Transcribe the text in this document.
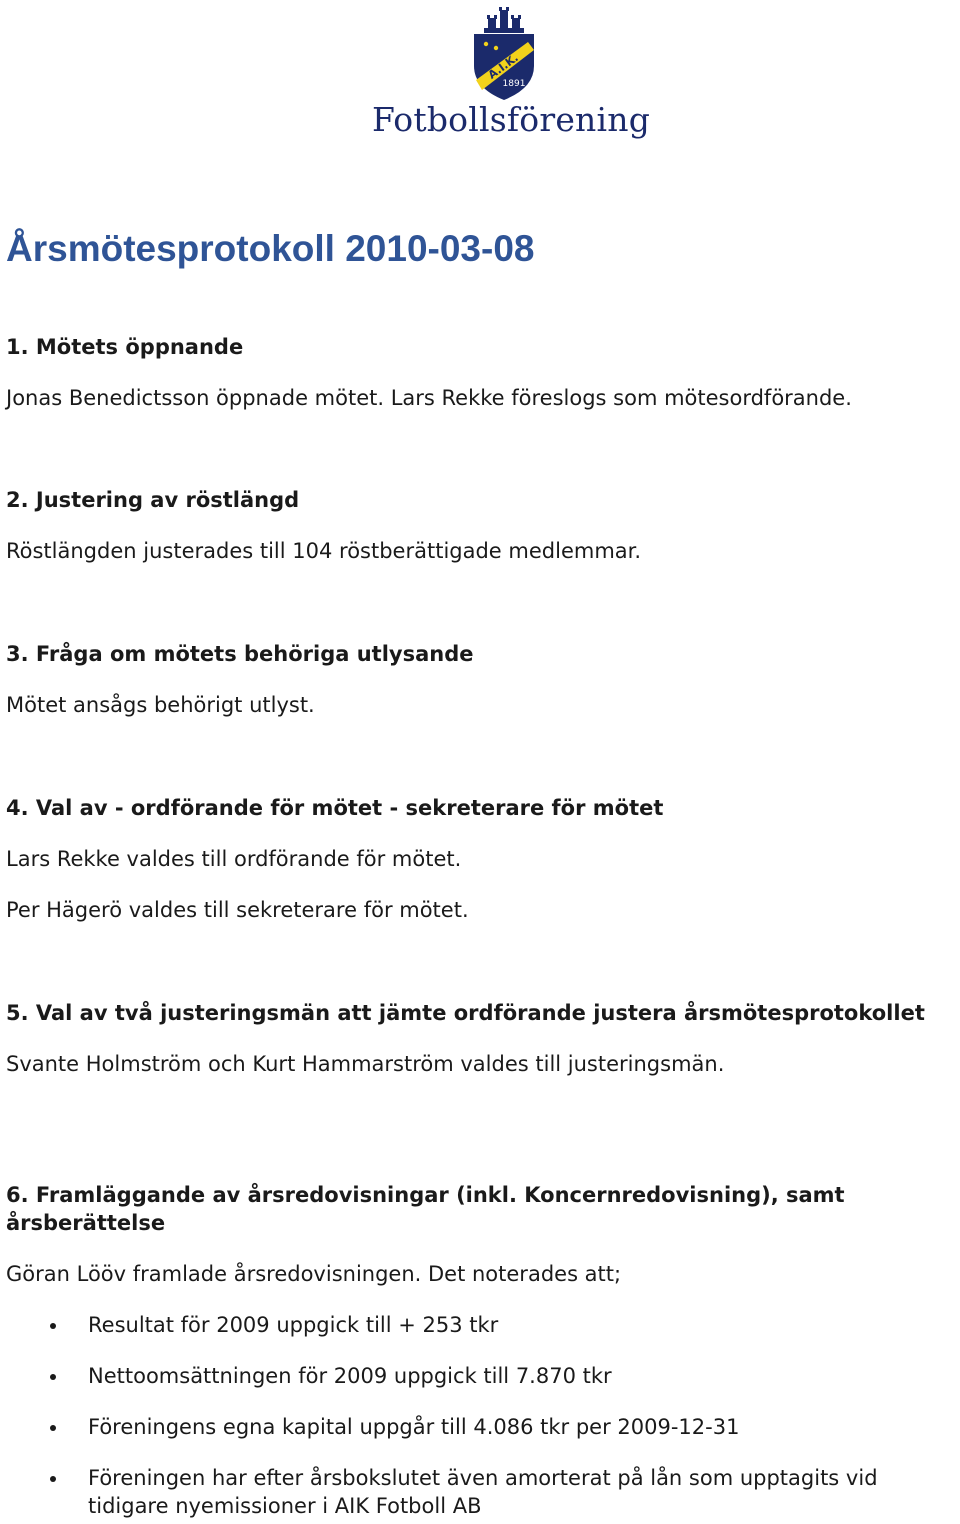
1891
A.I.K.
Fotbollsförening
Årsmötesprotokoll 2010-03-08
1. Mötets öppnande

Jonas Benedictsson öppnade mötet. Lars Rekke föreslogs som mötesordförande.

2. Justering av röstlängd

Röstlängden justerades till 104 röstberättigade medlemmar.

3. Fråga om mötets behöriga utlysande

Mötet ansågs behörigt utlyst.

4. Val av - ordförande för mötet - sekreterare för mötet

Lars Rekke valdes till ordförande för mötet.

Per Hägerö valdes till sekreterare för mötet.

5. Val av två justeringsmän att jämte ordförande justera årsmötesprotokollet

Svante Holmström och Kurt Hammarström valdes till justeringsmän.

6. Framläggande av årsredovisningar (inkl. Koncernredovisning), samt årsberättelse

Göran Lööv framlade årsredovisningen. Det noterades att;

Resultat för 2009 uppgick till + 253 tkr
Nettoomsättningen för 2009 uppgick till 7.870 tkr
Föreningens egna kapital uppgår till 4.086 tkr per 2009-12-31
Föreningen har efter årsbokslutet även amorterat på lån som upptagits vid tidigare nyemissioner i AIK Fotboll AB
